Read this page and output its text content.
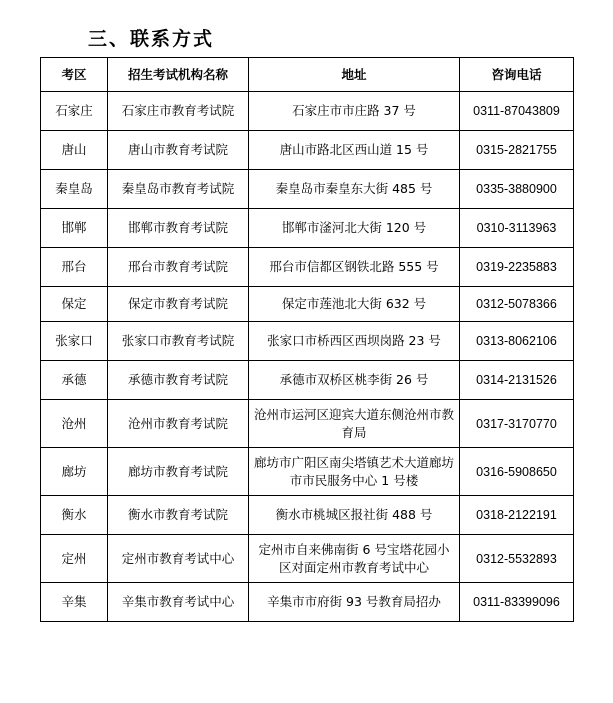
三、联系方式
考区	招生考试机构名称	地址	咨询电话
石家庄	石家庄市教育考试院	石家庄市市庄路 37 号	0311-87043809
唐山	唐山市教育考试院	唐山市路北区西山道 15 号	0315-2821755
秦皇岛	秦皇岛市教育考试院	秦皇岛市秦皇东大街 485 号	0335-3880900
邯郸	邯郸市教育考试院	邯郸市滏河北大街 120 号	0310-3113963
邢台	邢台市教育考试院	邢台市信都区钢铁北路 555 号	0319-2235883
保定	保定市教育考试院	保定市莲池北大街 632 号	0312-5078366
张家口	张家口市教育考试院	张家口市桥西区西坝岗路 23 号	0313-8062106
承德	承德市教育考试院	承德市双桥区桃李街 26 号	0314-2131526
沧州	沧州市教育考试院	沧州市运河区迎宾大道东侧沧州市教育局	0317-3170770
廊坊	廊坊市教育考试院	廊坊市广阳区南尖塔镇艺术大道廊坊市市民服务中心 1 号楼	0316-5908650
衡水	衡水市教育考试院	衡水市桃城区报社街 488 号	0318-2122191
定州	定州市教育考试中心	定州市自来佛南街 6 号宝塔花园小区对面定州市教育考试中心	0312-5532893
辛集	辛集市教育考试中心	辛集市市府街 93 号教育局招办	0311-83399096
